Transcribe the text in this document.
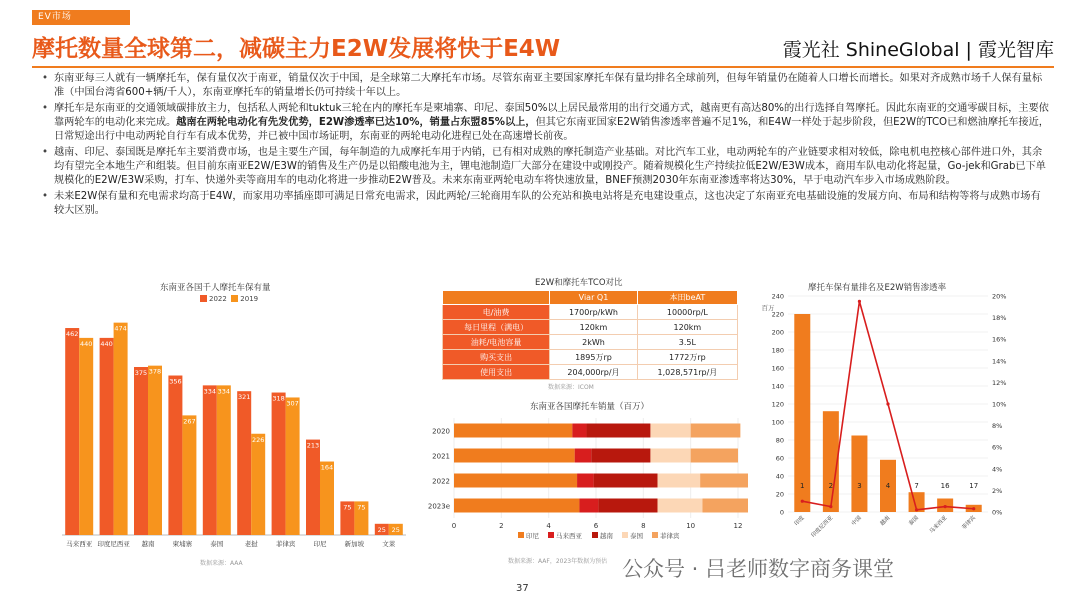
EV市场
摩托数量全球第二，减碳主力E2W发展将快于E4W	霞光社 ShineGlobal | 霞光智库
• 东南亚每三人就有一辆摩托车，保有量仅次于南亚，销量仅次于中国，是全球第二大摩托车市场。尽管东南亚主要国家摩托车保有量均排名全球前列，但每年销量仍在随着人口增长而增长。如果对齐成熟市场千人保有量标准（中国台湾省600+辆/千人），东南亚摩托车的销量增长仍可持续十年以上。
• 摩托车是东南亚的交通领域碳排放主力，包括私人两轮和tuktuk三轮在内的摩托车是柬埔寨、印尼、泰国50%以上居民最常用的出行交通方式，越南更有高达80%的出行选择自驾摩托。因此东南亚的交通零碳目标，主要依靠两轮车的电动化来完成。越南在两轮电动化有先发优势，E2W渗透率已达10%，销量占东盟85%以上，但其它东南亚国家E2W销售渗透率普遍不足1%，和E4W一样处于起步阶段，但E2W的TCO已和燃油摩托车接近，日常短途出行中电动两轮自行车有成本优势，并已被中国市场证明，东南亚的两轮电动化进程已处在高速增长前夜。
• 越南、印尼、泰国既是摩托车主要消费市场，也是主要生产国，每年制造的九成摩托车用于内销，已有相对成熟的摩托制造产业基础。对比汽车工业，电动两轮车的产业链要求相对较低，除电机电控核心部件进口外，其余均有望完全本地生产和组装。但目前东南亚E2W/E3W的销售及生产仍是以铅酸电池为主，锂电池制造厂大部分在建设中或刚投产。随着规模化生产持续拉低E2W/E3W成本，商用车队电动化将起量，Go-jek和Grab已下单规模化的E2W/E3W采购，打车、快递外卖等商用车的电动化将进一步推动E2W普及。未来东南亚两轮电动车将快速放量，BNEF预测2030年东南亚渗透率将达30%，早于电动汽车步入市场成熟阶段。
• 未来E2W保有量和充电需求均高于E4W，而家用功率插座即可满足日常充电需求，因此两轮/三轮商用车队的公充站和换电站将是充电建设重点，这也决定了东南亚充电基础设施的发展方向、布局和结构等将与成熟市场有较大区别。
东南亚各国千人摩托车保有量
2022 2019
462
440
马来西亚
440
474
印度尼西亚
375 378
越南
356
267
柬埔寨
334 334
泰国
321
226
老挝
318
307
菲律宾
213
164
印尼
75 75
新加坡
25 25
文莱
数据来源：AAA
E2W和摩托车TCO对比
	Viar Q1	本田beAT
电/油费	1700rp/kWh	10000rp/L
每日里程（满电）	120km	120km
油耗/电池容量	2kWh	3.5L
购买支出	1895万rp	1772万rp
使用支出	204,000rp/月	1,028,571rp/月
数据来源：ICOM
东南亚各国摩托车销量（百万）
0	2	4	6	8	10	12
2020
2021
2022
2023e
印尼	马来西亚	越南	泰国	菲律宾
数据来源：AAF，2023年数据为预估
摩托车保有量排名及E2W销售渗透率
百万
0
20
40
60
80
100
120
140
160
180
200
220
240
0%
2%
4%
6%
8%
10%
12%
14%
16%
18%
20%
1
印度
2
印度尼西亚
3
中国
4
越南
7
泰国
16
马来西亚
17
菲律宾
37
公众号 · 吕老师数字商务课堂
